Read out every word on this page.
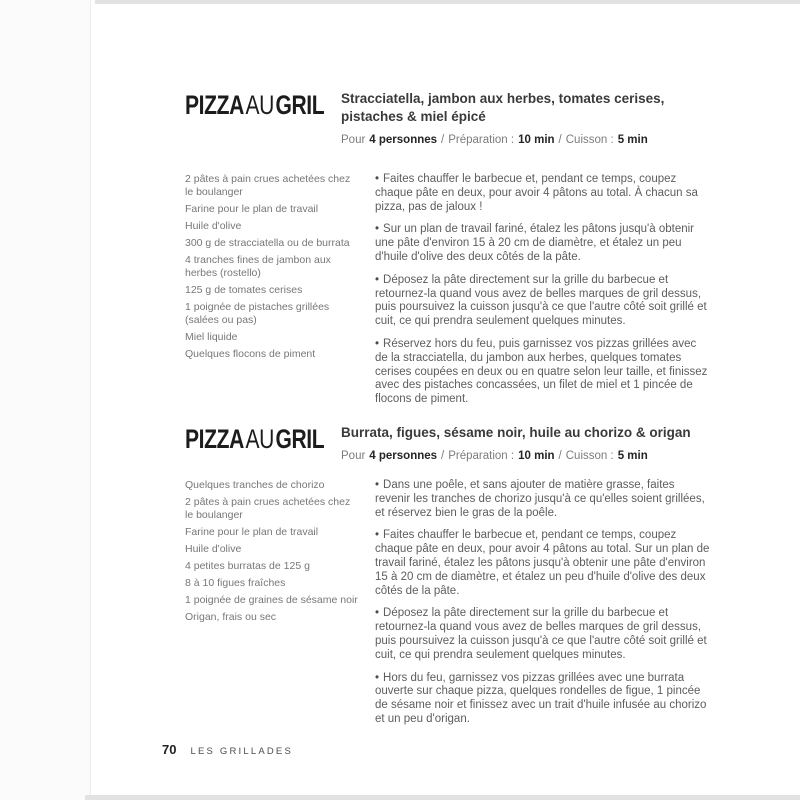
PIZZAAUGRIL	Stracciatella, jambon aux herbes, tomates cerises, pistaches & miel épicé
Pour 4 personnes / Préparation : 10 min / Cuisson : 5 min
2 pâtes à pain crues achetées chez le boulanger
Farine pour le plan de travail
Huile d'olive
300 g de stracciatella ou de burrata
4 tranches fines de jambon aux herbes (rostello)
125 g de tomates cerises
1 poignée de pistaches grillées (salées ou pas)
Miel liquide
Quelques flocons de piment

• Faites chauffer le barbecue et, pendant ce temps, coupez chaque pâte en deux, pour avoir 4 pâtons au total. À chacun sa pizza, pas de jaloux !

• Sur un plan de travail fariné, étalez les pâtons jusqu'à obtenir une pâte d'environ 15 à 20 cm de diamètre, et étalez un peu d'huile d'olive des deux côtés de la pâte.

• Déposez la pâte directement sur la grille du barbecue et retournez-la quand vous avez de belles marques de gril dessus, puis poursuivez la cuisson jusqu'à ce que l'autre côté soit grillé et cuit, ce qui prendra seulement quelques minutes.

• Réservez hors du feu, puis garnissez vos pizzas grillées avec de la stracciatella, du jambon aux herbes, quelques tomates cerises coupées en deux ou en quatre selon leur taille, et finissez avec des pistaches concassées, un filet de miel et 1 pincée de flocons de piment.

PIZZAAUGRIL	Burrata, figues, sésame noir, huile au chorizo & origan
Pour 4 personnes / Préparation : 10 min / Cuisson : 5 min
Quelques tranches de chorizo
2 pâtes à pain crues achetées chez le boulanger
Farine pour le plan de travail
Huile d'olive
4 petites burratas de 125 g
8 à 10 figues fraîches
1 poignée de graines de sésame noir
Origan, frais ou sec

• Dans une poêle, et sans ajouter de matière grasse, faites revenir les tranches de chorizo jusqu'à ce qu'elles soient grillées, et réservez bien le gras de la poêle.

• Faites chauffer le barbecue et, pendant ce temps, coupez chaque pâte en deux, pour avoir 4 pâtons au total. Sur un plan de travail fariné, étalez les pâtons jusqu'à obtenir une pâte d'environ 15 à 20 cm de diamètre, et étalez un peu d'huile d'olive des deux côtés de la pâte.

• Déposez la pâte directement sur la grille du barbecue et retournez-la quand vous avez de belles marques de gril dessus, puis poursuivez la cuisson jusqu'à ce que l'autre côté soit grillé et cuit, ce qui prendra seulement quelques minutes.

• Hors du feu, garnissez vos pizzas grillées avec une burrata ouverte sur chaque pizza, quelques rondelles de figue, 1 pincée de sésame noir et finissez avec un trait d'huile infusée au chorizo et un peu d'origan.

70 LES GRILLADES
